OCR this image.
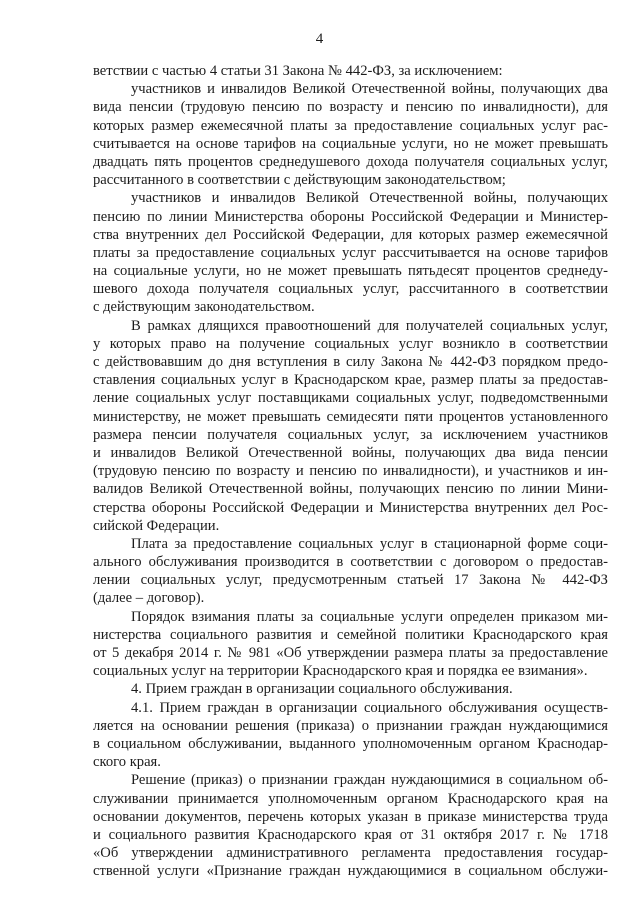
4
ветствии с частью 4 статьи 31 Закона № 442-ФЗ, за исключением:
участников и инвалидов Великой Отечественной войны, получающих два
вида пенсии (трудовую пенсию по возрасту и пенсию по инвалидности), для
которых размер ежемесячной платы за предоставление социальных услуг рас-
считывается на основе тарифов на социальные услуги, но не может превышать
двадцать пять процентов среднедушевого дохода получателя социальных услуг,
рассчитанного в соответствии с действующим законодательством;
участников и инвалидов Великой Отечественной войны, получающих
пенсию по линии Министерства обороны Российской Федерации и Министер-
ства внутренних дел Российской Федерации, для которых размер ежемесячной
платы за предоставление социальных услуг рассчитывается на основе тарифов
на социальные услуги, но не может превышать пятьдесят процентов среднеду-
шевого дохода получателя социальных услуг, рассчитанного в соответствии
с действующим законодательством.
В рамках длящихся правоотношений для получателей социальных услуг,
у которых право на получение социальных услуг возникло в соответствии
с действовавшим до дня вступления в силу Закона № 442-ФЗ порядком предо-
ставления социальных услуг в Краснодарском крае, размер платы за предостав-
ление социальных услуг поставщиками социальных услуг, подведомственными
министерству, не может превышать семидесяти пяти процентов установленного
размера пенсии получателя социальных услуг, за исключением участников
и инвалидов Великой Отечественной войны, получающих два вида пенсии
(трудовую пенсию по возрасту и пенсию по инвалидности), и участников и ин-
валидов Великой Отечественной войны, получающих пенсию по линии Мини-
стерства обороны Российской Федерации и Министерства внутренних дел Рос-
сийской Федерации.
Плата за предоставление социальных услуг в стационарной форме соци-
ального обслуживания производится в соответствии с договором о предостав-
лении социальных услуг, предусмотренным статьей 17 Закона № 442-ФЗ
(далее – договор).
Порядок взимания платы за социальные услуги определен приказом ми-
нистерства социального развития и семейной политики Краснодарского края
от 5 декабря 2014 г. № 981 «Об утверждении размера платы за предоставление
социальных услуг на территории Краснодарского края и порядка ее взимания».
4. Прием граждан в организации социального обслуживания.
4.1. Прием граждан в организации социального обслуживания осуществ-
ляется на основании решения (приказа) о признании граждан нуждающимися
в социальном обслуживании, выданного уполномоченным органом Краснодар-
ского края.
Решение (приказ) о признании граждан нуждающимися в социальном об-
служивании принимается уполномоченным органом Краснодарского края на
основании документов, перечень которых указан в приказе министерства труда
и социального развития Краснодарского края от 31 октября 2017 г. № 1718
«Об утверждении административного регламента предоставления государ-
ственной услуги «Признание граждан нуждающимися в социальном обслужи-
